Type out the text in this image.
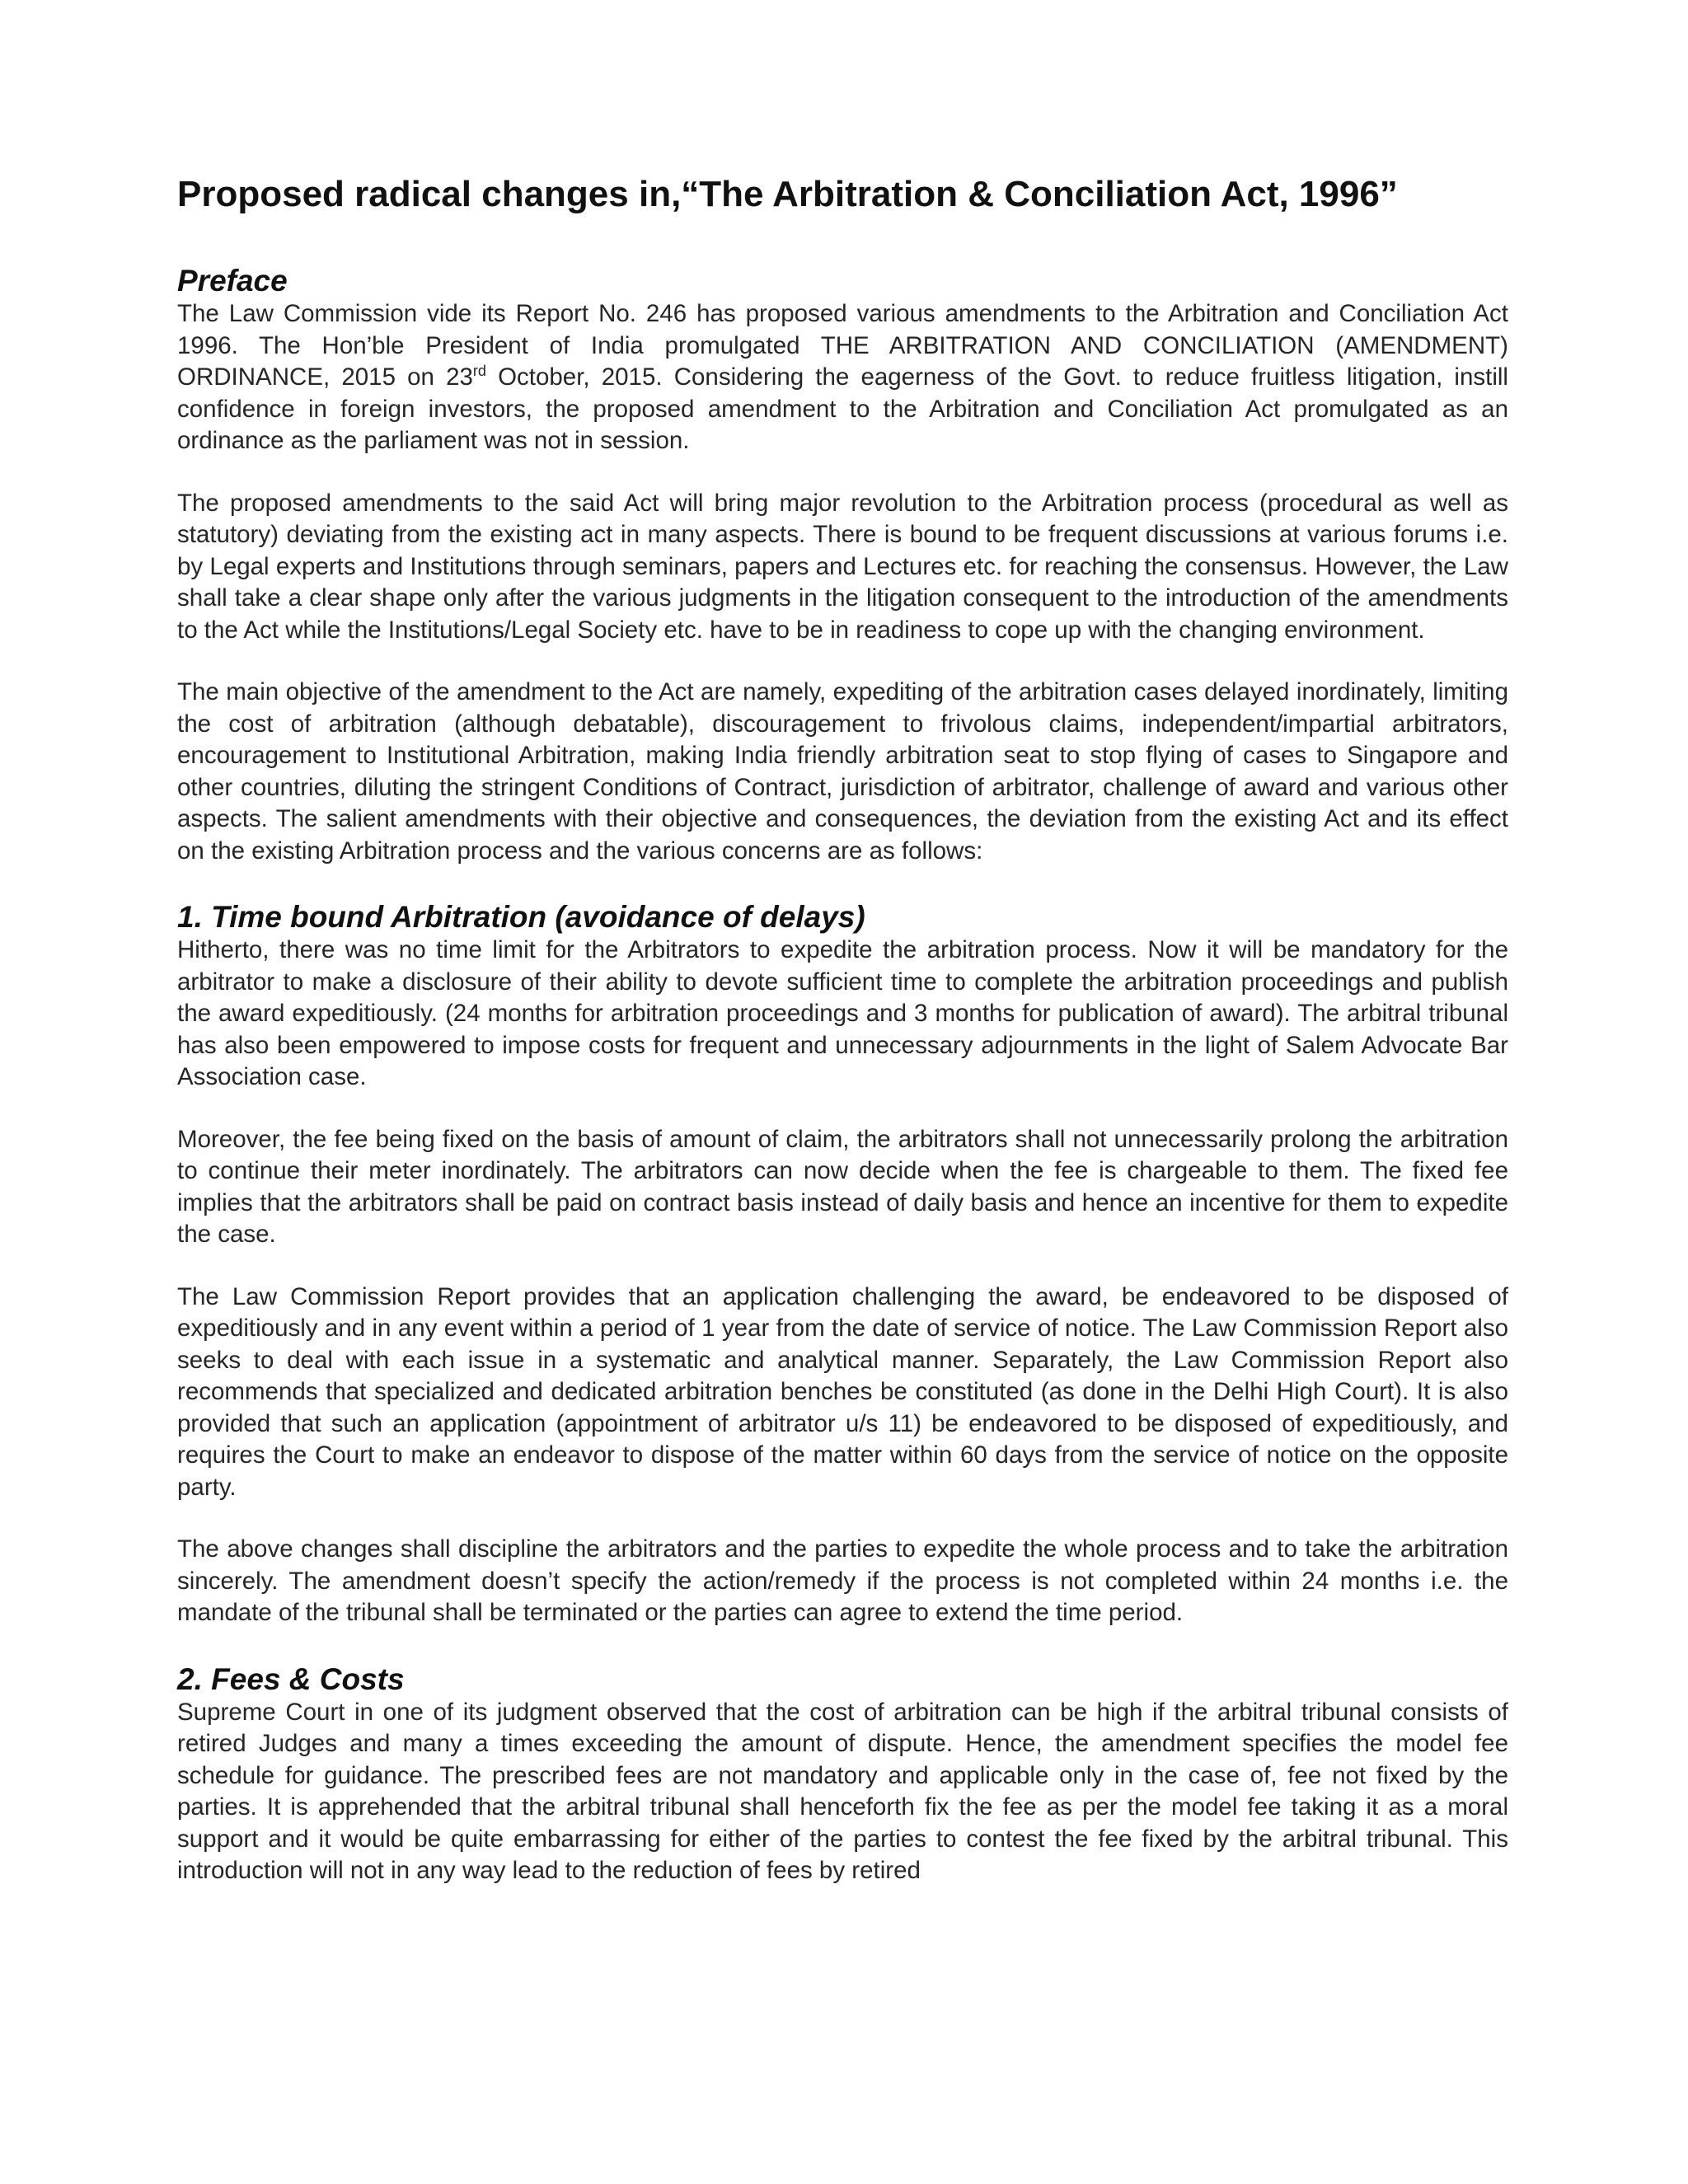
Proposed radical changes in,“The Arbitration & Conciliation Act, 1996”
Preface

The Law Commission vide its Report No. 246 has proposed various amendments to the Arbitration and Conciliation Act 1996. The Hon’ble President of India promulgated THE ARBITRATION AND CONCILIATION (AMENDMENT) ORDINANCE, 2015 on 23rd October, 2015. Considering the eagerness of the Govt. to reduce fruitless litigation, instill confidence in foreign investors, the proposed amendment to the Arbitration and Conciliation Act promulgated as an ordinance as the parliament was not in session.

The proposed amendments to the said Act will bring major revolution to the Arbitration process (procedural as well as statutory) deviating from the existing act in many aspects. There is bound to be frequent discussions at various forums i.e. by Legal experts and Institutions through seminars, papers and Lectures etc. for reaching the consensus. However, the Law shall take a clear shape only after the various judgments in the litigation consequent to the introduction of the amendments to the Act while the Institutions/Legal Society etc. have to be in readiness to cope up with the changing environment.

The main objective of the amendment to the Act are namely, expediting of the arbitration cases delayed inordinately, limiting the cost of arbitration (although debatable), discouragement to frivolous claims, independent/impartial arbitrators, encouragement to Institutional Arbitration, making India friendly arbitration seat to stop flying of cases to Singapore and other countries, diluting the stringent Conditions of Contract, jurisdiction of arbitrator, challenge of award and various other aspects. The salient amendments with their objective and consequences, the deviation from the existing Act and its effect on the existing Arbitration process and the various concerns are as follows:

1. Time bound Arbitration (avoidance of delays)

Hitherto, there was no time limit for the Arbitrators to expedite the arbitration process. Now it will be mandatory for the arbitrator to make a disclosure of their ability to devote sufficient time to complete the arbitration proceedings and publish the award expeditiously. (24 months for arbitration proceedings and 3 months for publication of award). The arbitral tribunal has also been empowered to impose costs for frequent and unnecessary adjournments in the light of Salem Advocate Bar Association case.

Moreover, the fee being fixed on the basis of amount of claim, the arbitrators shall not unnecessarily prolong the arbitration to continue their meter inordinately. The arbitrators can now decide when the fee is chargeable to them. The fixed fee implies that the arbitrators shall be paid on contract basis instead of daily basis and hence an incentive for them to expedite the case.

The Law Commission Report provides that an application challenging the award, be endeavored to be disposed of expeditiously and in any event within a period of 1 year from the date of service of notice. The Law Commission Report also seeks to deal with each issue in a systematic and analytical manner. Separately, the Law Commission Report also recommends that specialized and dedicated arbitration benches be constituted (as done in the Delhi High Court). It is also provided that such an application (appointment of arbitrator u/s 11) be endeavored to be disposed of expeditiously, and requires the Court to make an endeavor to dispose of the matter within 60 days from the service of notice on the opposite party.

The above changes shall discipline the arbitrators and the parties to expedite the whole process and to take the arbitration sincerely. The amendment doesn’t specify the action/remedy if the process is not completed within 24 months i.e. the mandate of the tribunal shall be terminated or the parties can agree to extend the time period.

2. Fees & Costs

Supreme Court in one of its judgment observed that the cost of arbitration can be high if the arbitral tribunal consists of retired Judges and many a times exceeding the amount of dispute. Hence, the amendment specifies the model fee schedule for guidance. The prescribed fees are not mandatory and applicable only in the case of, fee not fixed by the parties. It is apprehended that the arbitral tribunal shall henceforth fix the fee as per the model fee taking it as a moral support and it would be quite embarrassing for either of the parties to contest the fee fixed by the arbitral tribunal. This introduction will not in any way lead to the reduction of fees by retired
